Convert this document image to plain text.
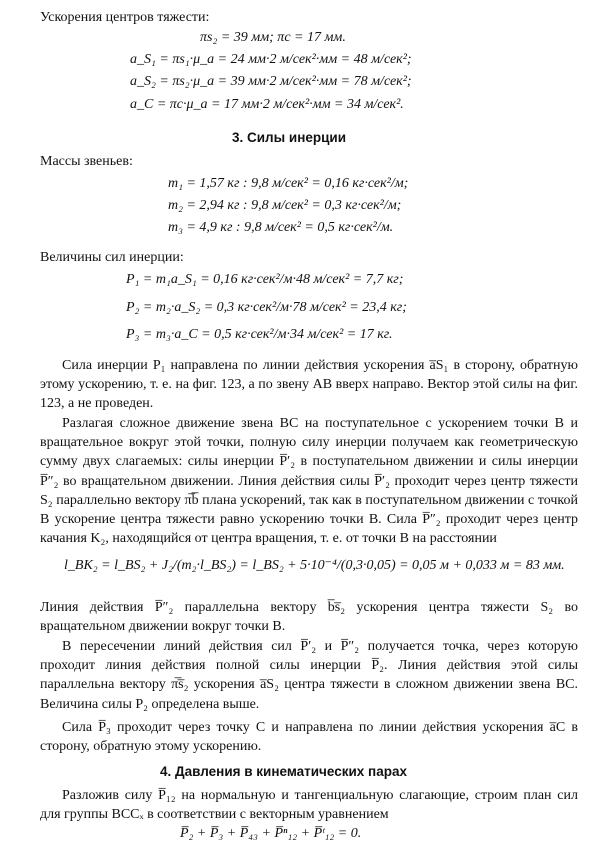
Ускорения центров тяжести:
πs₂ = 39 мм; πc = 17 мм.
a_S₁ = πs₁·μ_a = 24 мм·2 м/сек²·мм = 48 м/сек²;
a_S₂ = πs₂·μ_a = 39 мм·2 м/сек²·мм = 78 м/сек²;
a_C = πc·μ_a = 17 мм·2 м/сек²·мм = 34 м/сек².
3. Силы инерции
Массы звеньев:
m₁ = 1,57 кг : 9,8 м/сек² = 0,16 кг·сек²/м;
m₂ = 2,94 кг : 9,8 м/сек² = 0,3 кг·сек²/м;
m₃ = 4,9 кг : 9,8 м/сек² = 0,5 кг·сек²/м.
Величины сил инерции:
P₁ = m₁a_S₁ = 0,16 кг·сек²/м·48 м/сек² = 7,7 кг;
P₂ = m₂·a_S₂ = 0,3 кг·сек²/м·78 м/сек² = 23,4 кг;
P₃ = m₃·a_C = 0,5 кг·сек²/м·34 м/сек² = 17 кг.
Сила инерции P₁ направлена по линии действия ускорения a̅S₁ в сторону, обратную этому ускорению, т. е. на фиг. 123, а по звену AB вверх направо. Вектор этой силы на фиг. 123, а не проведен.
Разлагая сложное движение звена BC на поступательное с ускорением точки B и вращательное вокруг этой точки, полную силу инерции получаем как геометрическую сумму двух слагаемых: силы инерции P̅′₂ в поступательном движении и силы инерции P̅″₂ во вращательном движении. Линия действия силы P̅′₂ проходит через центр тяжести S₂ параллельно вектору π̅b̅ плана ускорений, так как в поступательном движении с точкой B ускорение центра тяжести равно ускорению точки B. Сила P̅″₂ проходит через центр качания K₂, находящийся от центра вращения, т. е. от точки B на расстоянии
l_BK₂ = l_BS₂ + J₂/(m₂·l_BS₂) = l_BS₂ + 5·10⁻⁴/(0,3·0,05) = 0,05 м + 0,033 м = 83 мм.
Линия действия P̅″₂ параллельна вектору b̅s̅₂ ускорения центра тяжести S₂ во вращательном движении вокруг точки B.
В пересечении линий действия сил P̅′₂ и P̅″₂ получается точка, через которую проходит линия действия полной силы инерции P̅₂. Линия действия этой силы параллельна вектору π̅s̅₂ ускорения a̅S₂ центра тяжести в сложном движении звена BC. Величина силы P₂ определена выше.
Сила P̅₃ проходит через точку C и направлена по линии действия ускорения a̅C в сторону, обратную этому ускорению.
4. Давления в кинематических парах
Разложив силу P̅₁₂ на нормальную и тангенциальную слагающие, строим план сил для группы BCCₓ в соответствии с векторным уравнением
P̅₂ + P̅₃ + P̅₄₃ + P̅ⁿ₁₂ + P̅ᵗ₁₂ = 0.
